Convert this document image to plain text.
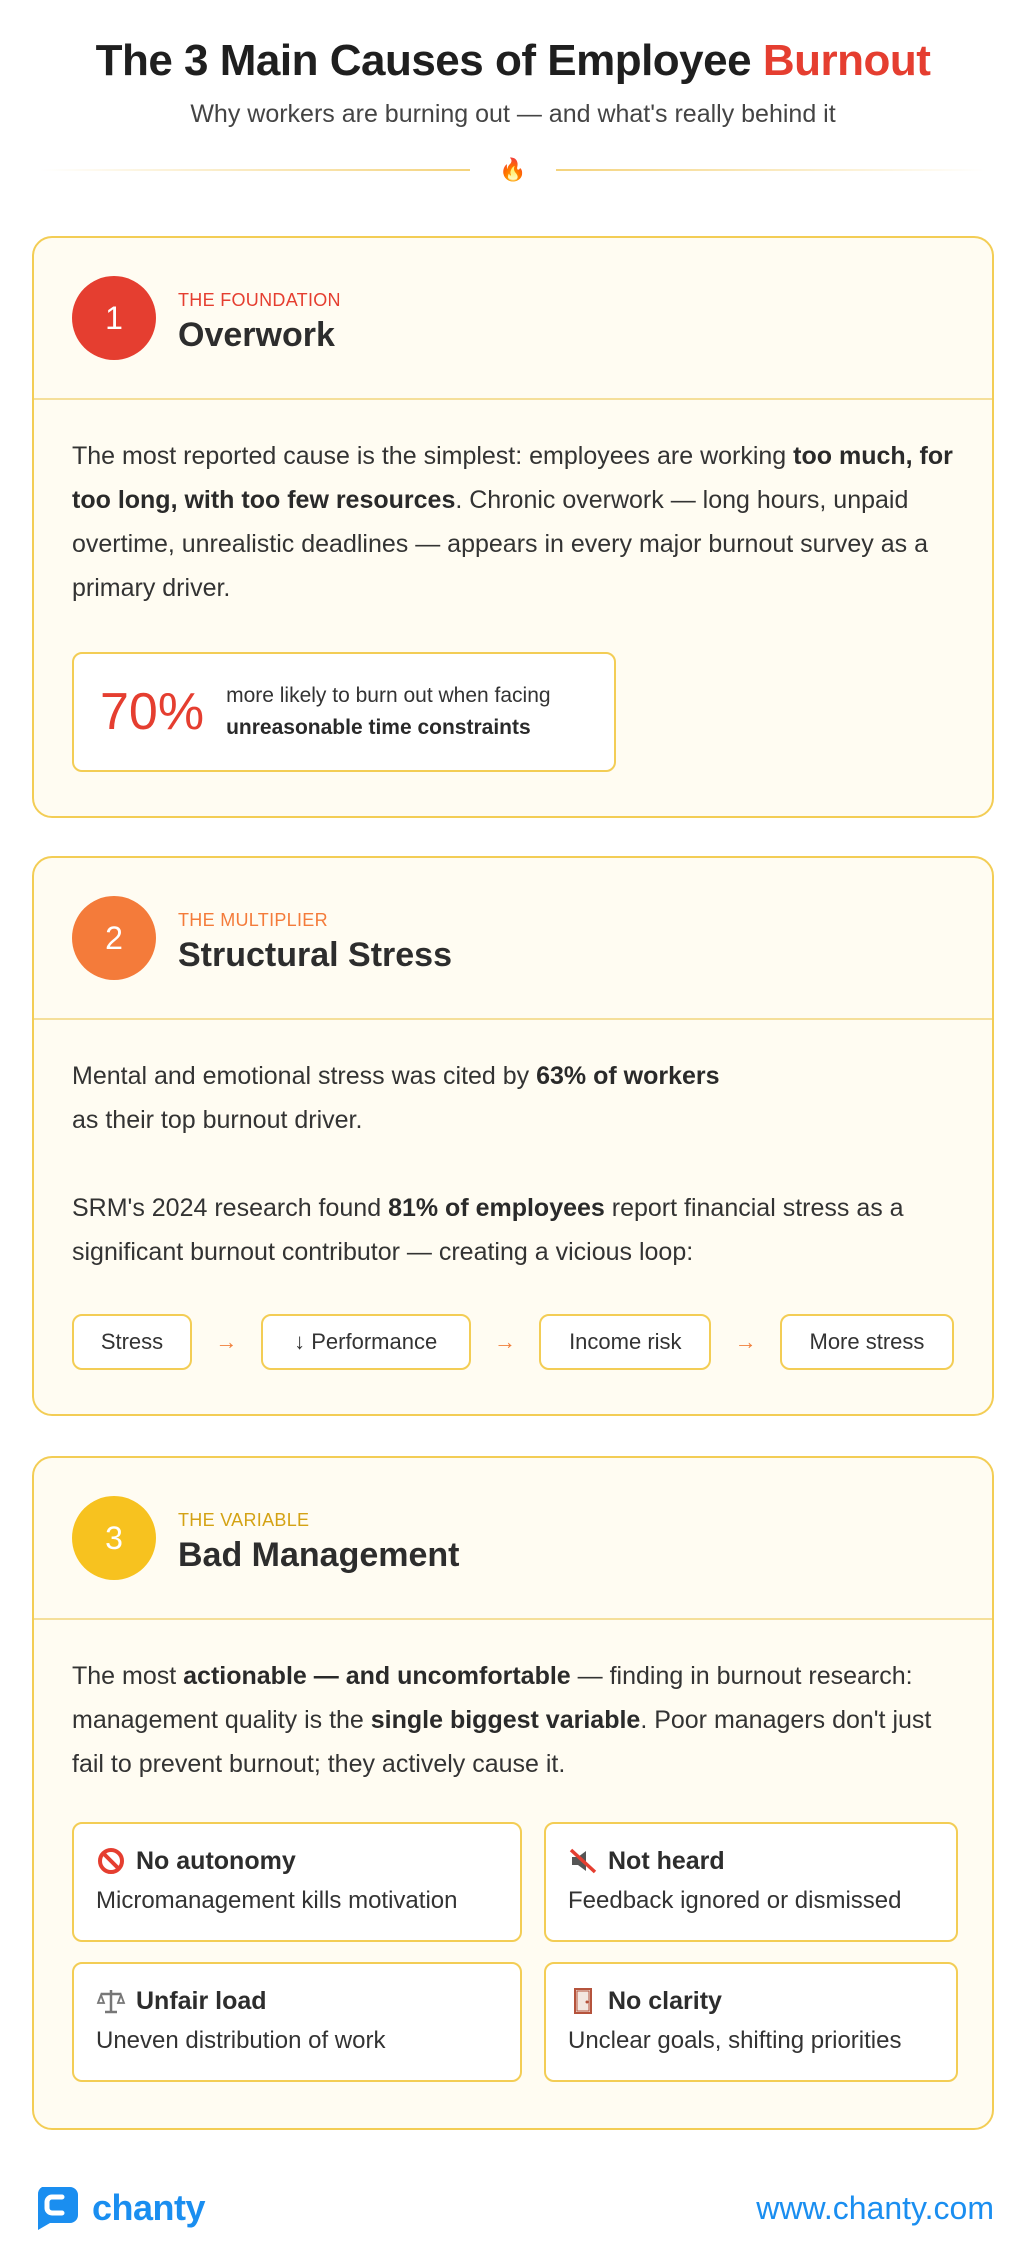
The 3 Main Causes of Employee Burnout
Why workers are burning out — and what's really behind it
🔥
1	THE FOUNDATION
Overwork

The most reported cause is the simplest: employees are working too much, for too long, with too few resources. Chronic overwork — long hours, unpaid overtime, unrealistic deadlines — appears in every major burnout survey as a primary driver.

70% more likely to burn out when facing
unreasonable time constraints
2	THE MULTIPLIER
Structural Stress

Mental and emotional stress was cited by 63% of workers
as their top burnout driver.

SRM's 2024 research found 81% of employees report financial stress as a significant burnout contributor — creating a vicious loop:

Stress	→	↓ Performance	→	Income risk	→	More stress
3	THE VARIABLE
Bad Management

The most actionable — and uncomfortable — finding in burnout research: management quality is the single biggest variable. Poor managers don't just fail to prevent burnout; they actively cause it.

No autonomy
Micromanagement kills motivation
Not heard
Feedback ignored or dismissed
Unfair load
Uneven distribution of work
No clarity
Unclear goals, shifting priorities
chanty	www.chanty.com
